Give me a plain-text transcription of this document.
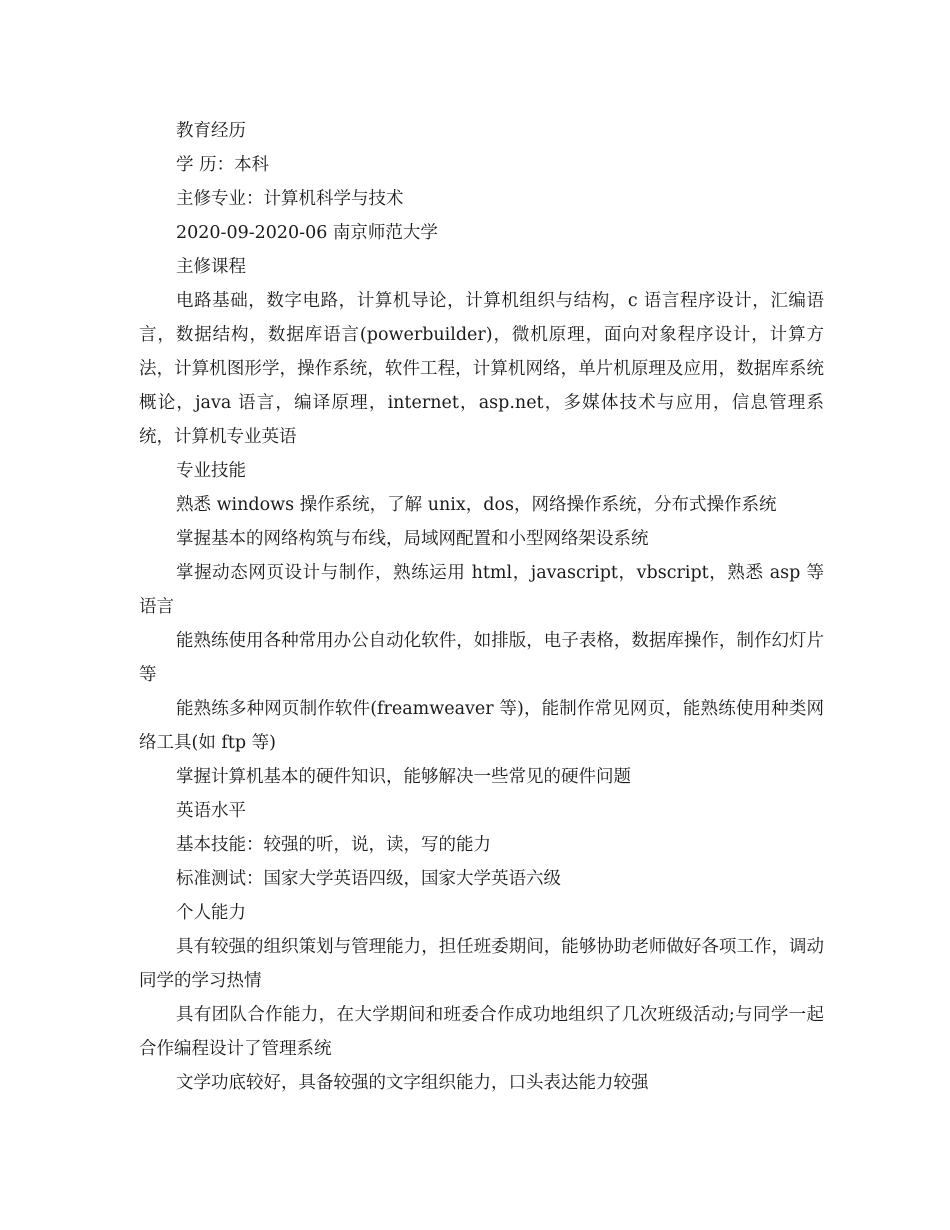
教育经历

学 历：本科

主修专业：计算机科学与技术

2020-09-2020-06 南京师范大学

主修课程

电路基础，数字电路，计算机导论，计算机组织与结构，c 语言程序设计，汇编语言，数据结构，数据库语言(powerbuilder)，微机原理，面向对象程序设计，计算方法，计算机图形学，操作系统，软件工程，计算机网络，单片机原理及应用，数据库系统概论，java 语言，编译原理，internet，asp.net，多媒体技术与应用，信息管理系统，计算机专业英语

专业技能

熟悉 windows 操作系统，了解 unix，dos，网络操作系统，分布式操作系统

掌握基本的网络构筑与布线，局域网配置和小型网络架设系统

掌握动态网页设计与制作，熟练运用 html，javascript，vbscript，熟悉 asp 等语言

能熟练使用各种常用办公自动化软件，如排版，电子表格，数据库操作，制作幻灯片等

能熟练多种网页制作软件(freamweaver 等)，能制作常见网页，能熟练使用种类网络工具(如 ftp 等)

掌握计算机基本的硬件知识，能够解决一些常见的硬件问题

英语水平

基本技能：较强的听，说，读，写的能力

标准测试：国家大学英语四级，国家大学英语六级

个人能力

具有较强的组织策划与管理能力，担任班委期间，能够协助老师做好各项工作，调动同学的学习热情

具有团队合作能力，在大学期间和班委合作成功地组织了几次班级活动;与同学一起合作编程设计了管理系统

文学功底较好，具备较强的文字组织能力，口头表达能力较强
